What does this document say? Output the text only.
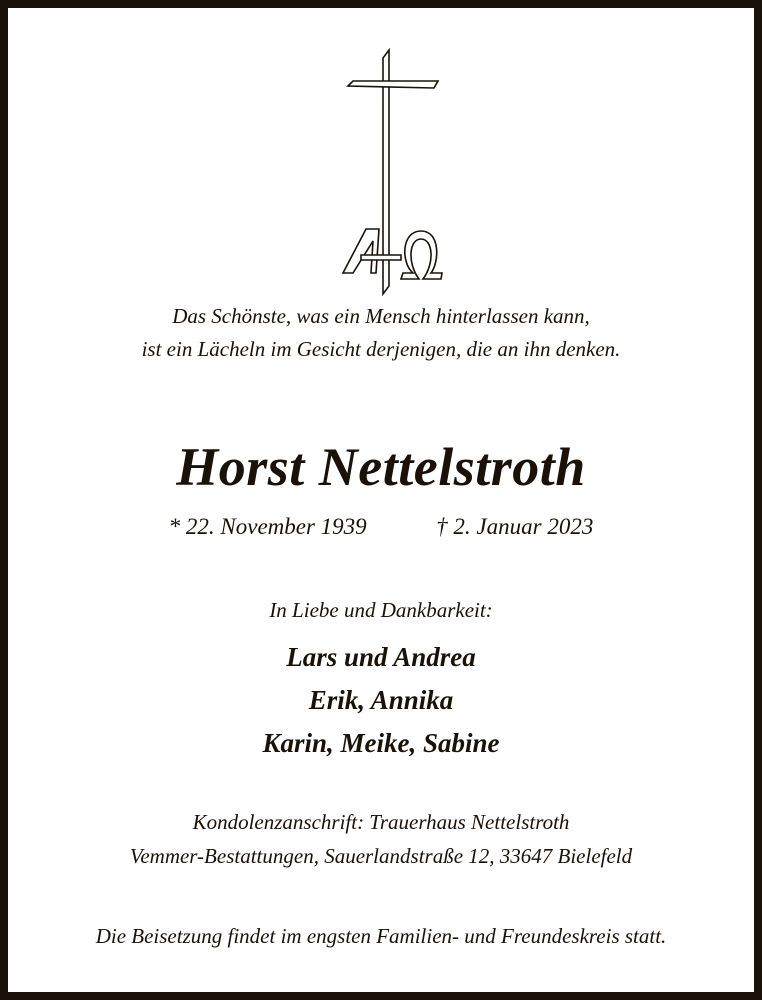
Das Schönste, was ein Mensch hinterlassen kann,
ist ein Lächeln im Gesicht derjenigen, die an ihn denken.
Horst Nettelstroth
* 22. November 1939	† 2. Januar 2023
In Liebe und Dankbarkeit:
Lars und Andrea
Erik, Annika
Karin, Meike, Sabine
Kondolenzanschrift: Trauerhaus Nettelstroth
Vemmer-Bestattungen, Sauerlandstraße 12, 33647 Bielefeld
Die Beisetzung findet im engsten Familien- und Freundeskreis statt.
